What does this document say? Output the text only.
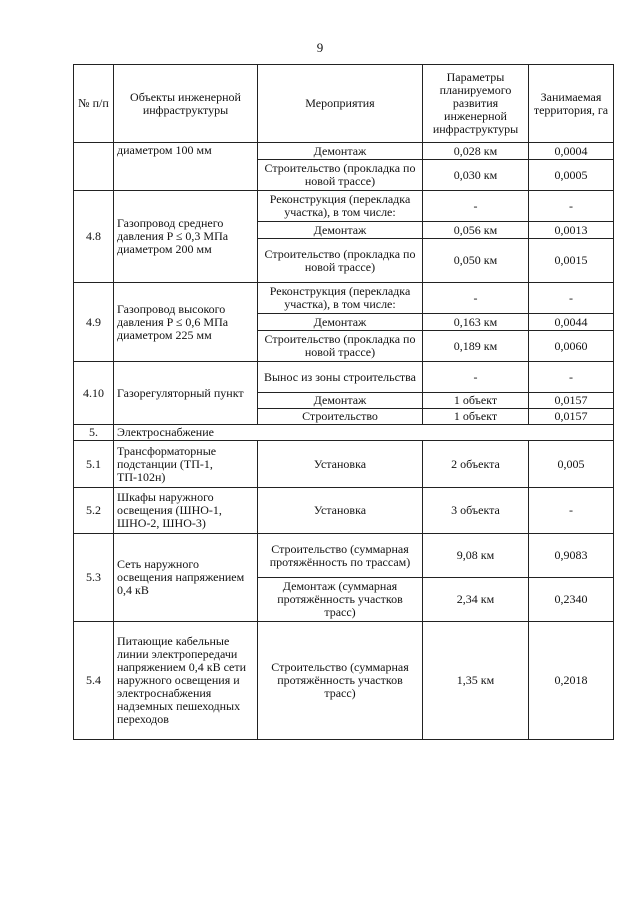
9
№ п/п	Объекты инженерной инфраструктуры	Мероприятия	Параметры планируемого развития инженерной инфраструктуры	Занимаемая территория, га
	диаметром 100 мм	Демонтаж	0,028 км	0,0004
		Строительство (прокладка по новой трассе)	0,030 км	0,0005
4.8	Газопровод среднего давления P ≤ 0,3 МПа диаметром 200 мм	Реконструкция (перекладка участка), в том числе:	-	-
		Демонтаж	0,056 км	0,0013
		Строительство (прокладка по новой трассе)	0,050 км	0,0015
4.9	Газопровод высокого давления P ≤ 0,6 МПа диаметром 225 мм	Реконструкция (перекладка участка), в том числе:	-	-
		Демонтаж	0,163 км	0,0044
		Строительство (прокладка по новой трассе)	0,189 км	0,0060
4.10	Газорегуляторный пункт	Вынос из зоны строительства	-	-
		Демонтаж	1 объект	0,0157
		Строительство	1 объект	0,0157
5.	Электроснабжение			
5.1	Трансформаторные подстанции (ТП-1, ТП-102н)	Установка	2 объекта	0,005
5.2	Шкафы наружного освещения (ШНО-1, ШНО-2, ШНО-3)	Установка	3 объекта	-
5.3	Сеть наружного освещения напряжением 0,4 кВ	Строительство (суммарная протяжённость по трассам)	9,08 км	0,9083
		Демонтаж (суммарная протяжённость участков трасс)	2,34 км	0,2340
5.4	Питающие кабельные линии электропередачи напряжением 0,4 кВ сети наружного освещения и электроснабжения надземных пешеходных переходов	Строительство (суммарная протяжённость участков трасс)	1,35 км	0,2018
